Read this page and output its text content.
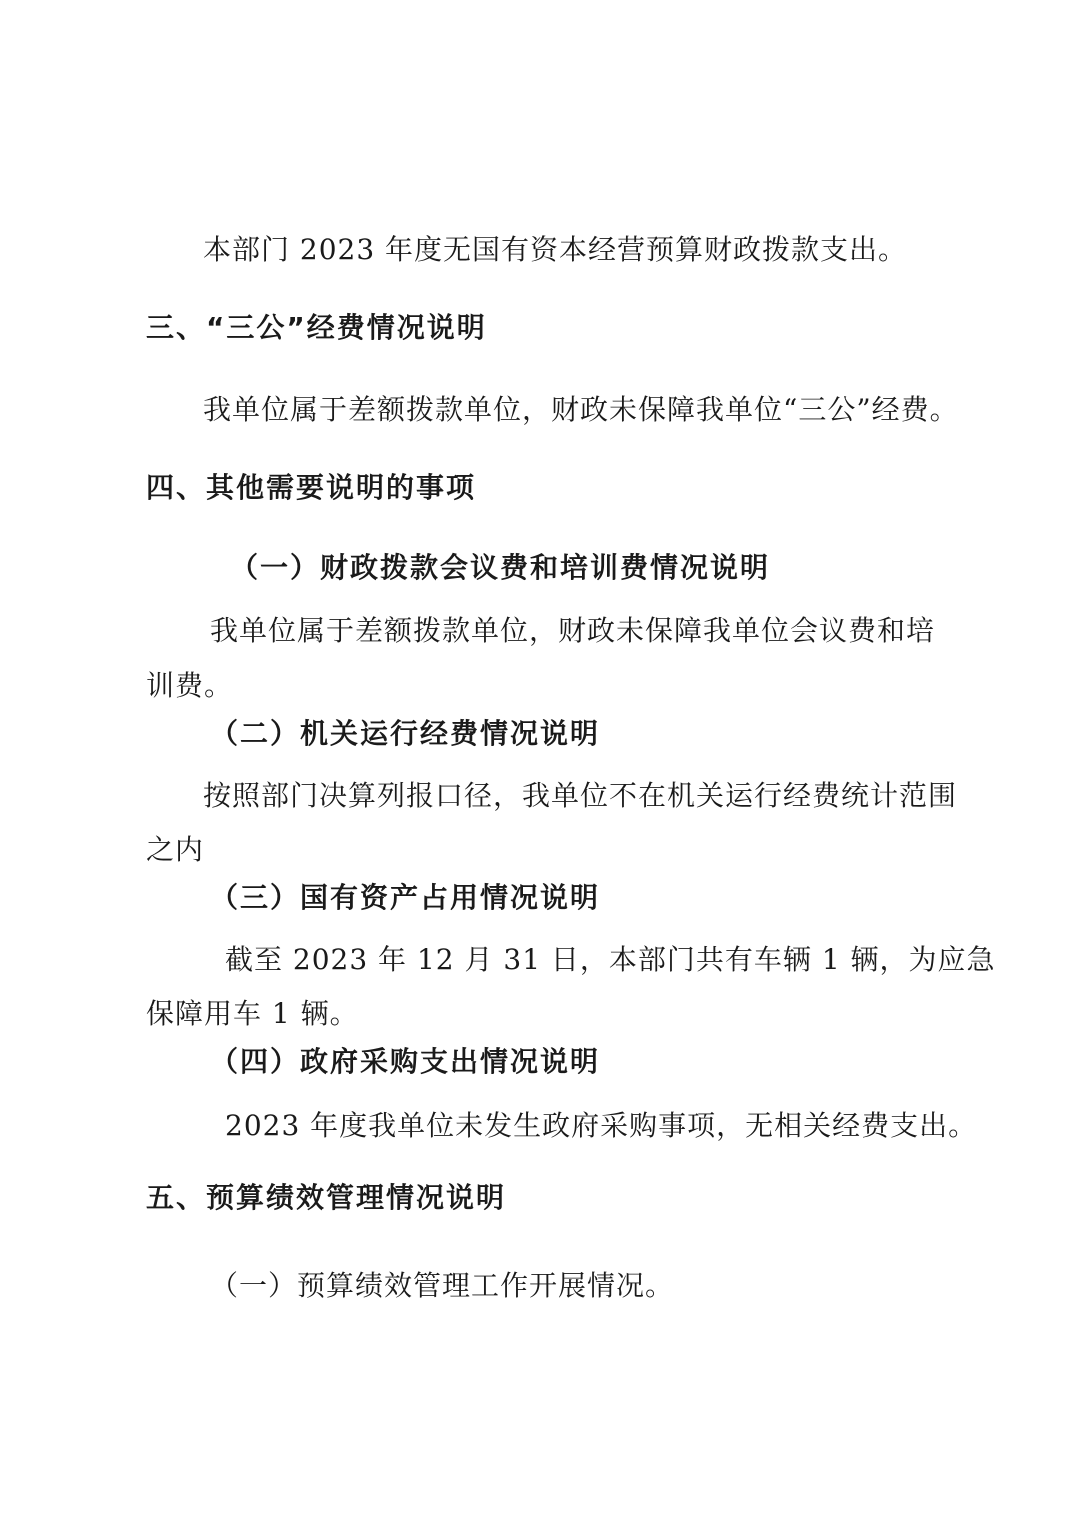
本部门 2023 年度无国有资本经营预算财政拨款支出。

三、“三公”经费情况说明

我单位属于差额拨款单位，财政未保障我单位“三公”经费。

四、其他需要说明的事项

（一）财政拨款会议费和培训费情况说明

我单位属于差额拨款单位，财政未保障我单位会议费和培

训费。

（二）机关运行经费情况说明

按照部门决算列报口径，我单位不在机关运行经费统计范围

之内

（三）国有资产占用情况说明

截至 2023 年 12 月 31 日，本部门共有车辆 1 辆，为应急

保障用车 1 辆。

（四）政府采购支出情况说明

2023 年度我单位未发生政府采购事项，无相关经费支出。

五、预算绩效管理情况说明

（一）预算绩效管理工作开展情况。
